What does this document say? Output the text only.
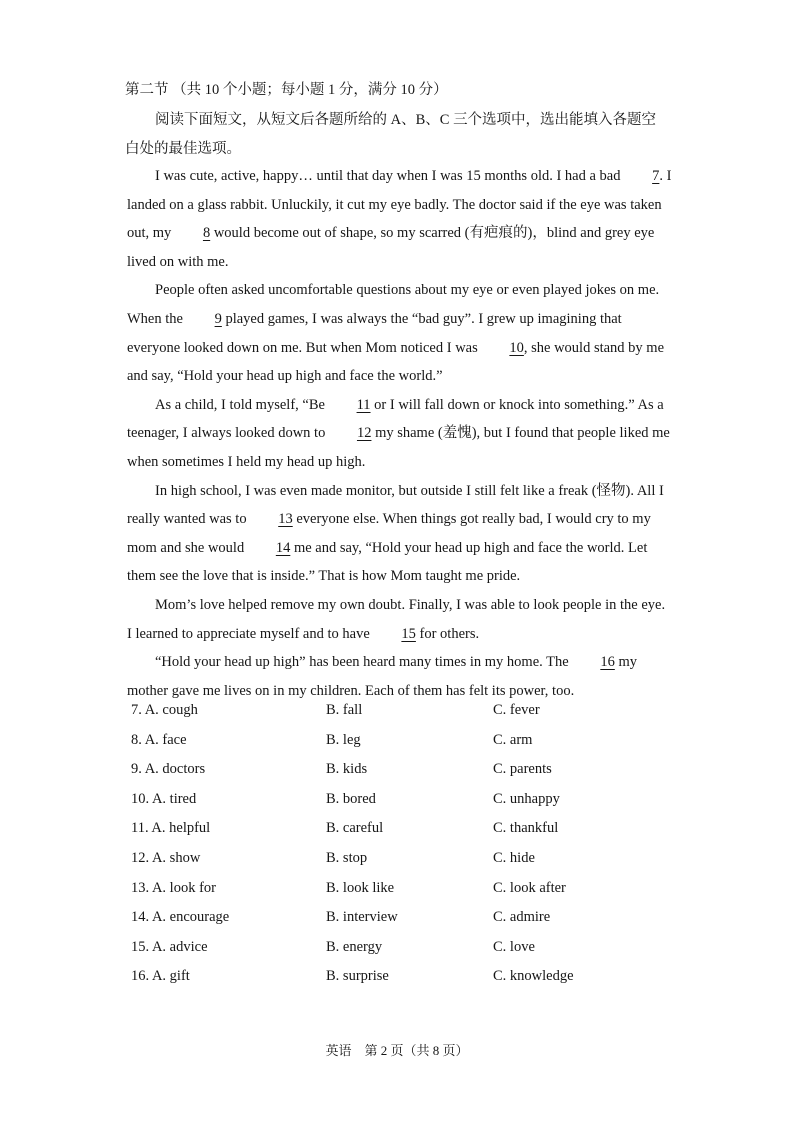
第二节 （共 10 个小题；每小题 1 分，满分 10 分）
阅读下面短文，从短文后各题所给的 A、B、C 三个选项中，选出能填入各题空白处的最佳选项。

I was cute, active, happy… until that day when I was 15 months old. I had a bad 7. I landed on a glass rabbit. Unluckily, it cut my eye badly. The doctor said if the eye was taken out, my 8 would become out of shape, so my scarred (有疤痕的)，blind and grey eye lived on with me.

People often asked uncomfortable questions about my eye or even played jokes on me. When the 9 played games, I was always the “bad guy”. I grew up imagining that everyone looked down on me. But when Mom noticed I was 10, she would stand by me and say, “Hold your head up high and face the world.”

As a child, I told myself, “Be 11 or I will fall down or knock into something.” As a teenager, I always looked down to 12 my shame (羞愧), but I found that people liked me when sometimes I held my head up high.

In high school, I was even made monitor, but outside I still felt like a freak (怪物). All I really wanted was to 13 everyone else. When things got really bad, I would cry to my mom and she would 14 me and say, “Hold your head up high and face the world. Let them see the love that is inside.” That is how Mom taught me pride.

Mom’s love helped remove my own doubt. Finally, I was able to look people in the eye. I learned to appreciate myself and to have 15 for others.

“Hold your head up high” has been heard many times in my home. The 16 my mother gave me lives on in my children. Each of them has felt its power, too.

7. A. cough	B. fall	C. fever
8. A. face	B. leg	C. arm
9. A. doctors	B. kids	C. parents
10. A. tired	B. bored	C. unhappy
11. A. helpful	B. careful	C. thankful
12. A. show	B. stop	C. hide
13. A. look for	B. look like	C. look after
14. A. encourage	B. interview	C. admire
15. A. advice	B. energy	C. love
16. A. gift	B. surprise	C. knowledge
英语　第 2 页（共 8 页）
